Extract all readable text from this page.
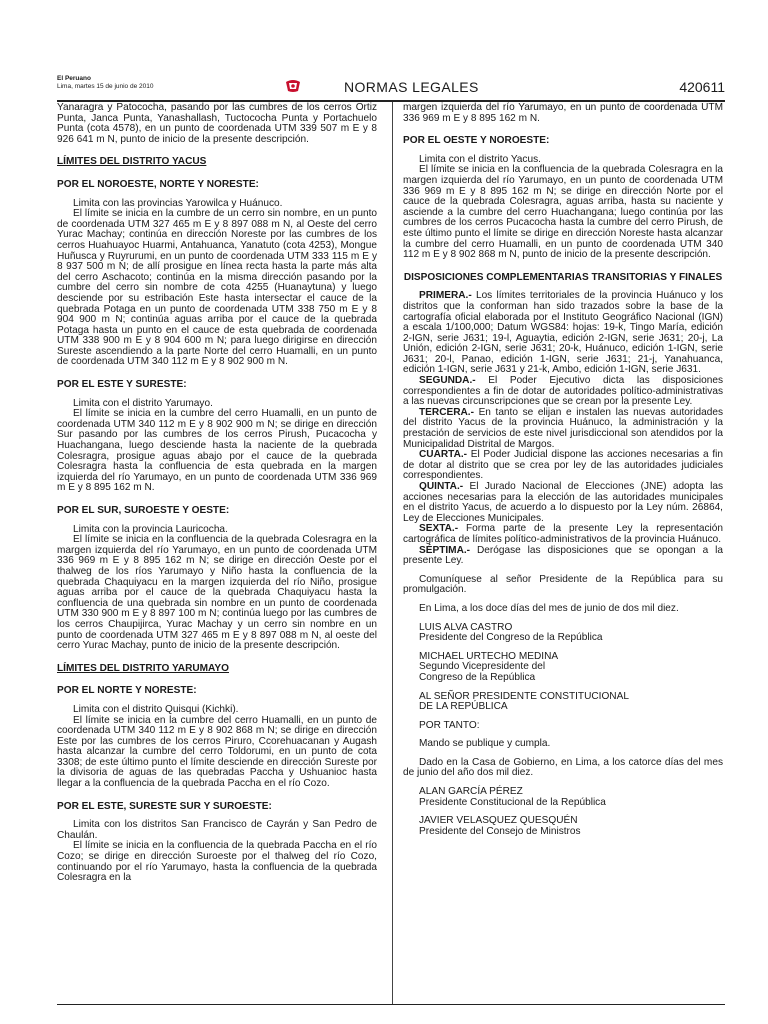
El Peruano
Lima, martes 15 de junio de 2010	NORMAS LEGALES	420611

Yanaragra y Patococha, pasando por las cumbres de los cerros Ortiz Punta, Janca Punta, Yanashallash, Tuctococha Punta y Portachuelo Punta (cota 4578), en un punto de coordenada UTM 339 507 m E y 8 926 641 m N, punto de inicio de la presente descripción.

LÍMITES DEL DISTRITO YACUS
POR EL NOROESTE, NORTE Y NORESTE:

Limita con las provincias Yarowilca y Huánuco.

El límite se inicia en la cumbre de un cerro sin nombre, en un punto de coordenada UTM 327 465 m E y 8 897 088 m N, al Oeste del cerro Yurac Machay; continúa en dirección Noreste por las cumbres de los cerros Huahuayoc Huarmi, Antahuanca, Yanatuto (cota 4253), Mongue Huñusca y Ruyrurumi, en un punto de coordenada UTM 333 115 m E y 8 937 500 m N; de allí prosigue en línea recta hasta la parte más alta del cerro Aschacoto; continúa en la misma dirección pasando por la cumbre del cerro sin nombre de cota 4255 (Huanaytuna) y luego desciende por su estribación Este hasta intersectar el cauce de la quebrada Potaga en un punto de coordenada UTM 338 750 m E y 8 904 900 m N; continúa aguas arriba por el cauce de la quebrada Potaga hasta un punto en el cauce de esta quebrada de coordenada UTM 338 900 m E y 8 904 600 m N; para luego dirigirse en dirección Sureste ascendiendo a la parte Norte del cerro Huamalli, en un punto de coordenada UTM 340 112 m E y 8 902 900 m N.

POR EL ESTE Y SURESTE:

Limita con el distrito Yarumayo.

El límite se inicia en la cumbre del cerro Huamalli, en un punto de coordenada UTM 340 112 m E y 8 902 900 m N; se dirige en dirección Sur pasando por las cumbres de los cerros Pirush, Pucacocha y Huachangana, luego desciende hasta la naciente de la quebrada Colesragra, prosigue aguas abajo por el cauce de la quebrada Colesragra hasta la confluencia de esta quebrada en la margen izquierda del río Yarumayo, en un punto de coordenada UTM 336 969 m E y 8 895 162 m N.

POR EL SUR, SUROESTE Y OESTE:

Limita con la provincia Lauricocha.

El límite se inicia en la confluencia de la quebrada Colesragra en la margen izquierda del río Yarumayo, en un punto de coordenada UTM 336 969 m E y 8 895 162 m N; se dirige en dirección Oeste por el thalweg de los ríos Yarumayo y Niño hasta la confluencia de la quebrada Chaquiyacu en la margen izquierda del río Niño, prosigue aguas arriba por el cauce de la quebrada Chaquiyacu hasta la confluencia de una quebrada sin nombre en un punto de coordenada UTM 330 900 m E y 8 897 100 m N; continúa luego por las cumbres de los cerros Chaupijirca, Yurac Machay y un cerro sin nombre en un punto de coordenada UTM 327 465 m E y 8 897 088 m N, al oeste del cerro Yurac Machay, punto de inicio de la presente descripción.

LÍMITES DEL DISTRITO YARUMAYO
POR EL NORTE Y NORESTE:

Limita con el distrito Quisqui (Kichki).

El límite se inicia en la cumbre del cerro Huamalli, en un punto de coordenada UTM 340 112 m E y 8 902 868 m N; se dirige en dirección Este por las cumbres de los cerros Piruro, Ccorehuacanan y Augash hasta alcanzar la cumbre del cerro Toldorumi, en un punto de cota 3308; de este último punto el límite desciende en dirección Sureste por la divisoria de aguas de las quebradas Paccha y Ushuanioc hasta llegar a la confluencia de la quebrada Paccha en el río Cozo.

POR EL ESTE, SURESTE SUR Y SUROESTE:

Limita con los distritos San Francisco de Cayrán y San Pedro de Chaulán.

El límite se inicia en la confluencia de la quebrada Paccha en el río Cozo; se dirige en dirección Suroeste por el thalweg del río Cozo, continuando por el río Yarumayo, hasta la confluencia de la quebrada Colesragra en la

margen izquierda del río Yarumayo, en un punto de coordenada UTM 336 969 m E y 8 895 162 m N.

POR EL OESTE Y NOROESTE:

Limita con el distrito Yacus.

El límite se inicia en la confluencia de la quebrada Colesragra en la margen izquierda del río Yarumayo, en un punto de coordenada UTM 336 969 m E y 8 895 162 m N; se dirige en dirección Norte por el cauce de la quebrada Colesragra, aguas arriba, hasta su naciente y asciende a la cumbre del cerro Huachangana; luego continúa por las cumbres de los cerros Pucacocha hasta la cumbre del cerro Pirush, de este último punto el límite se dirige en dirección Noreste hasta alcanzar la cumbre del cerro Huamalli, en un punto de coordenada UTM 340 112 m E y 8 902 868 m N, punto de inicio de la presente descripción.

DISPOSICIONES COMPLEMENTARIAS TRANSITORIAS Y FINALES

PRIMERA.- Los límites territoriales de la provincia Huánuco y los distritos que la conforman han sido trazados sobre la base de la cartografía oficial elaborada por el Instituto Geográfico Nacional (IGN) a escala 1/100,000; Datum WGS84: hojas: 19-k, Tingo María, edición 2-IGN, serie J631; 19-l, Aguaytia, edición 2-IGN, serie J631; 20-j, La Unión, edición 2-IGN, serie J631; 20-k, Huánuco, edición 1-IGN, serie J631; 20-l, Panao, edición 1-IGN, serie J631; 21-j, Yanahuanca, edición 1-IGN, serie J631 y 21-k, Ambo, edición 1-IGN, serie J631.

SEGUNDA.- El Poder Ejecutivo dicta las disposiciones correspondientes a fin de dotar de autoridades político-administrativas a las nuevas circunscripciones que se crean por la presente Ley.

TERCERA.- En tanto se elijan e instalen las nuevas autoridades del distrito Yacus de la provincia Huánuco, la administración y la prestación de servicios de este nivel jurisdiccional son atendidos por la Municipalidad Distrital de Margos.

CUARTA.- El Poder Judicial dispone las acciones necesarias a fin de dotar al distrito que se crea por ley de las autoridades judiciales correspondientes.

QUINTA.- El Jurado Nacional de Elecciones (JNE) adopta las acciones necesarias para la elección de las autoridades municipales en el distrito Yacus, de acuerdo a lo dispuesto por la Ley núm. 26864, Ley de Elecciones Municipales.

SEXTA.- Forma parte de la presente Ley la representación cartográfica de límites político-administrativos de la provincia Huánuco.

SÉPTIMA.- Derógase las disposiciones que se opongan a la presente Ley.

Comuníquese al señor Presidente de la República para su promulgación.

En Lima, a los doce días del mes de junio de dos mil diez.

LUIS ALVA CASTRO

Presidente del Congreso de la República

MICHAEL URTECHO MEDINA

Segundo Vicepresidente del

Congreso de la República

AL SEÑOR PRESIDENTE CONSTITUCIONAL

DE LA REPÚBLICA

POR TANTO:

Mando se publique y cumpla.

Dado en la Casa de Gobierno, en Lima, a los catorce días del mes de junio del año dos mil diez.

ALAN GARCÍA PÉREZ

Presidente Constitucional de la República

JAVIER VELASQUEZ QUESQUÉN

Presidente del Consejo de Ministros
